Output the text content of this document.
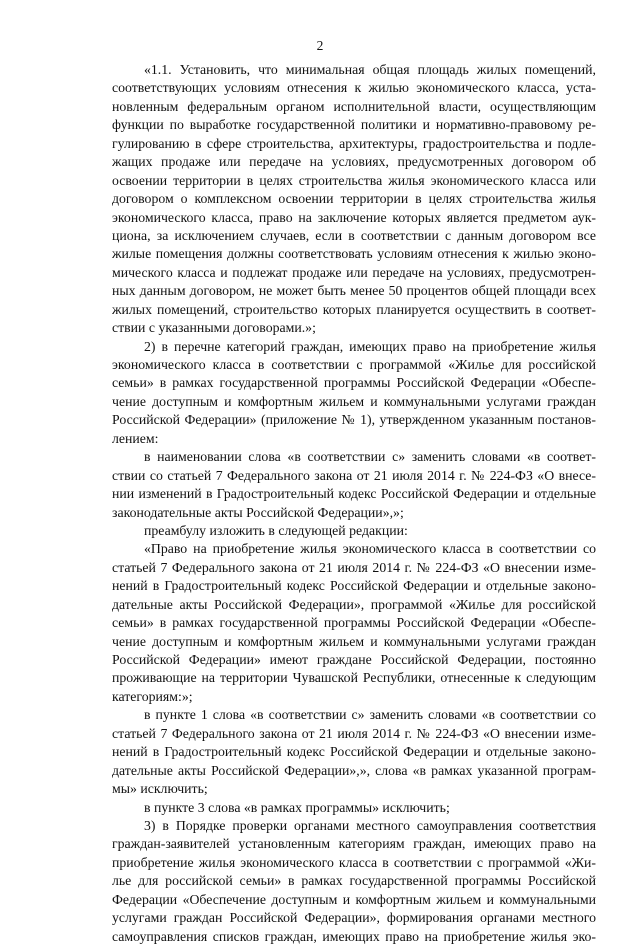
2
«1.1. Установить, что минимальная общая площадь жилых помещений,
соответствующих условиям отнесения к жилью экономического класса, уста-
новленным федеральным органом исполнительной власти, осуществляющим
функции по выработке государственной политики и нормативно-правовому ре-
гулированию в сфере строительства, архитектуры, градостроительства и подле-
жащих продаже или передаче на условиях, предусмотренных договором об
освоении территории в целях строительства жилья экономического класса или
договором о комплексном освоении территории в целях строительства жилья
экономического класса, право на заключение которых является предметом аук-
циона, за исключением случаев, если в соответствии с данным договором все
жилые помещения должны соответствовать условиям отнесения к жилью эконо-
мического класса и подлежат продаже или передаче на условиях, предусмотрен-
ных данным договором, не может быть менее 50 процентов общей площади всех
жилых помещений, строительство которых планируется осуществить в соответ-
ствии с указанными договорами.»;
2) в перечне категорий граждан, имеющих право на приобретение жилья
экономического класса в соответствии с программой «Жилье для российской
семьи» в рамках государственной программы Российской Федерации «Обеспе-
чение доступным и комфортным жильем и коммунальными услугами граждан
Российской Федерации» (приложение № 1), утвержденном указанным постанов-
лением:
в наименовании слова «в соответствии с» заменить словами «в соответ-
ствии со статьей 7 Федерального закона от 21 июля 2014 г. № 224-ФЗ «О внесе-
нии изменений в Градостроительный кодекс Российской Федерации и отдельные
законодательные акты Российской Федерации»,»;
преамбулу изложить в следующей редакции:
«Право на приобретение жилья экономического класса в соответствии со
статьей 7 Федерального закона от 21 июля 2014 г. № 224-ФЗ «О внесении изме-
нений в Градостроительный кодекс Российской Федерации и отдельные законо-
дательные акты Российской Федерации», программой «Жилье для российской
семьи» в рамках государственной программы Российской Федерации «Обеспе-
чение доступным и комфортным жильем и коммунальными услугами граждан
Российской Федерации» имеют граждане Российской Федерации, постоянно
проживающие на территории Чувашской Республики, отнесенные к следующим
категориям:»;
в пункте 1 слова «в соответствии с» заменить словами «в соответствии со
статьей 7 Федерального закона от 21 июля 2014 г. № 224-ФЗ «О внесении изме-
нений в Градостроительный кодекс Российской Федерации и отдельные законо-
дательные акты Российской Федерации»,», слова «в рамках указанной програм-
мы» исключить;
в пункте 3 слова «в рамках программы» исключить;
3) в Порядке проверки органами местного самоуправления соответствия
граждан-заявителей установленным категориям граждан, имеющих право на
приобретение жилья экономического класса в соответствии с программой «Жи-
лье для российской семьи» в рамках государственной программы Российской
Федерации «Обеспечение доступным и комфортным жильем и коммунальными
услугами граждан Российской Федерации», формирования органами местного
самоуправления списков граждан, имеющих право на приобретение жилья эко-
